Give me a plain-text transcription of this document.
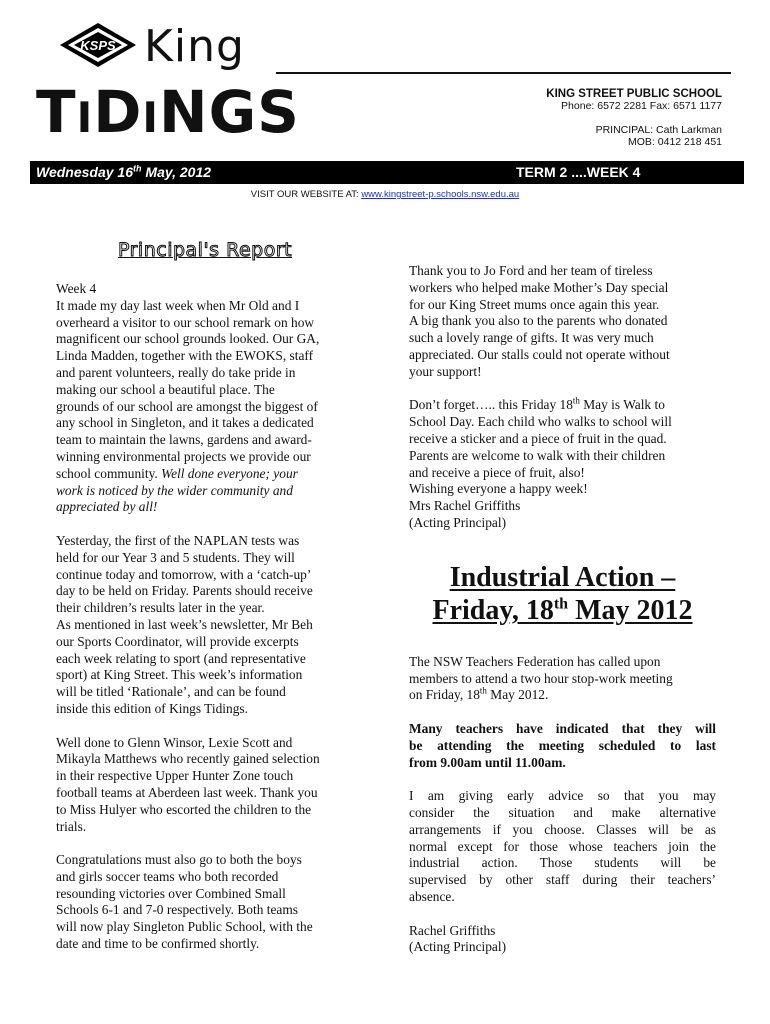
KSPS King
TIDINGS	KING STREET PUBLIC SCHOOL
Phone: 6572 2281 Fax: 6571 1177
PRINCIPAL: Cath Larkman
MOB: 0412 218 451
Wednesday 16th May, 2012	TERM 2 ....WEEK 4
VISIT OUR WEBSITE AT: www.kingstreet-p.schools.nsw.edu.au
Principal's Report

Week 4
It made my day last week when Mr Old and I
overheard a visitor to our school remark on how
magnificent our school grounds looked. Our GA,
Linda Madden, together with the EWOKS, staff
and parent volunteers, really do take pride in
making our school a beautiful place. The
grounds of our school are amongst the biggest of
any school in Singleton, and it takes a dedicated
team to maintain the lawns, gardens and award-
winning environmental projects we provide our
school community. Well done everyone; your
work is noticed by the wider community and
appreciated by all!

Yesterday, the first of the NAPLAN tests was
held for our Year 3 and 5 students. They will
continue today and tomorrow, with a ‘catch-up’
day to be held on Friday. Parents should receive
their children’s results later in the year.
As mentioned in last week’s newsletter, Mr Beh
our Sports Coordinator, will provide excerpts
each week relating to sport (and representative
sport) at King Street. This week’s information
will be titled ‘Rationale’, and can be found
inside this edition of Kings Tidings.

Well done to Glenn Winsor, Lexie Scott and
Mikayla Matthews who recently gained selection
in their respective Upper Hunter Zone touch
football teams at Aberdeen last week. Thank you
to Miss Hulyer who escorted the children to the
trials.

Congratulations must also go to both the boys
and girls soccer teams who both recorded
resounding victories over Combined Small
Schools 6-1 and 7-0 respectively. Both teams
will now play Singleton Public School, with the
date and time to be confirmed shortly.

Thank you to Jo Ford and her team of tireless
workers who helped make Mother’s Day special
for our King Street mums once again this year.
A big thank you also to the parents who donated
such a lovely range of gifts. It was very much
appreciated. Our stalls could not operate without
your support!

Don’t forget….. this Friday 18th May is Walk to
School Day. Each child who walks to school will
receive a sticker and a piece of fruit in the quad.
Parents are welcome to walk with their children
and receive a piece of fruit, also!
Wishing everyone a happy week!
Mrs Rachel Griffiths
(Acting Principal)

Industrial Action –
Friday, 18th May 2012

The NSW Teachers Federation has called upon
members to attend a two hour stop-work meeting
on Friday, 18th May 2012.

Many teachers have indicated that they will
be attending the meeting scheduled to last
from 9.00am until 11.00am.

I am giving early advice so that you may
consider the situation and make alternative
arrangements if you choose. Classes will be as
normal except for those whose teachers join the
industrial action. Those students will be
supervised by other staff during their teachers’
absence.

Rachel Griffiths
(Acting Principal)
